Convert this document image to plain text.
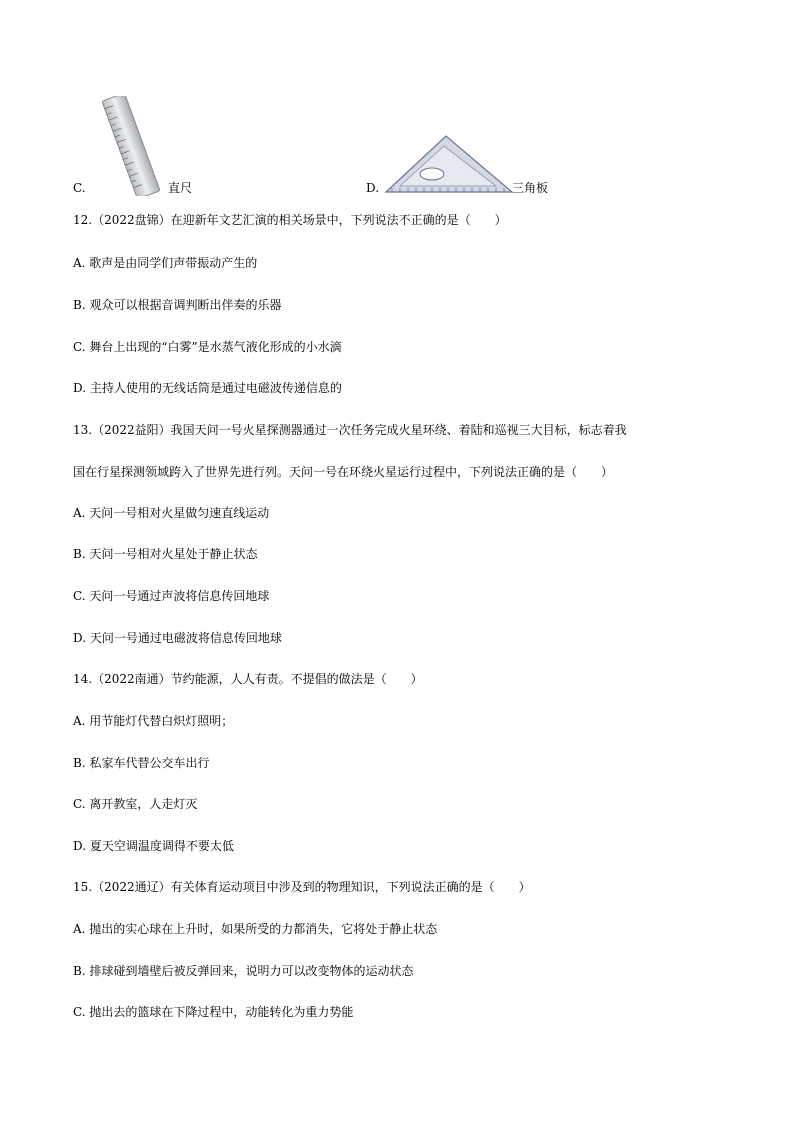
C.	直尺	D.	三角板
12.（2022盘锦）在迎新年文艺汇演的相关场景中，下列说法不正确的是（　　）
A. 歌声是由同学们声带振动产生的
B. 观众可以根据音调判断出伴奏的乐器
C. 舞台上出现的“白雾”是水蒸气液化形成的小水滴
D. 主持人使用的无线话筒是通过电磁波传递信息的
13.（2022益阳）我国天问一号火星探测器通过一次任务完成火星环绕、着陆和巡视三大目标，标志着我
国在行星探测领域跨入了世界先进行列。天问一号在环绕火星运行过程中，下列说法正确的是（　　）
A. 天问一号相对火星做匀速直线运动
B. 天问一号相对火星处于静止状态
C. 天问一号通过声波将信息传回地球
D. 天问一号通过电磁波将信息传回地球
14.（2022南通）节约能源，人人有责。不提倡的做法是（　　）
A. 用节能灯代替白炽灯照明；
B. 私家车代替公交车出行
C. 离开教室，人走灯灭
D. 夏天空调温度调得不要太低
15.（2022通辽）有关体育运动项目中涉及到的物理知识，下列说法正确的是（　　）
A. 抛出的实心球在上升时，如果所受的力都消失，它将处于静止状态
B. 排球碰到墙壁后被反弹回来，说明力可以改变物体的运动状态
C. 抛出去的篮球在下降过程中，动能转化为重力势能
